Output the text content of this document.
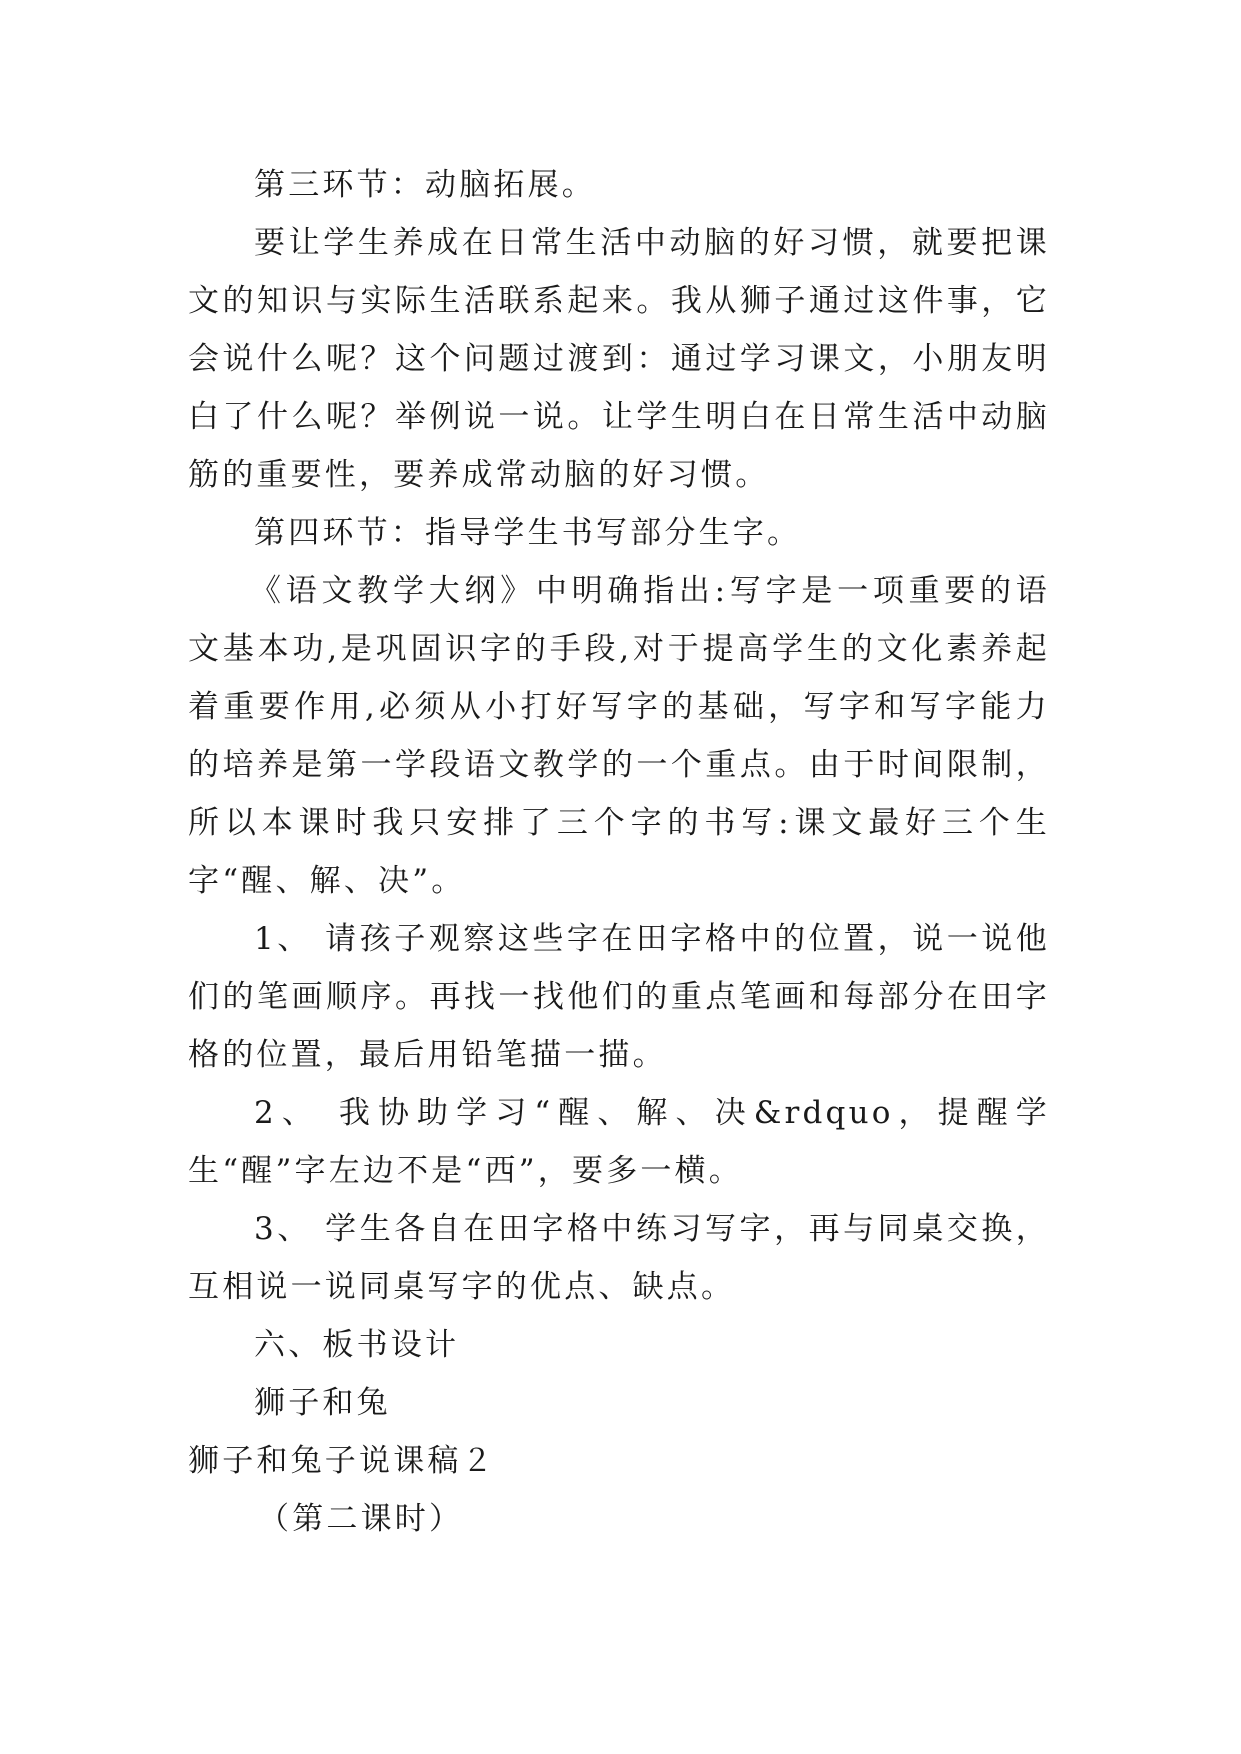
第三环节：动脑拓展。

要让学生养成在日常生活中动脑的好习惯，就要把课文的知识与实际生活联系起来。我从狮子通过这件事，它会说什么呢？这个问题过渡到：通过学习课文，小朋友明白了什么呢？举例说一说。让学生明白在日常生活中动脑筋的重要性，要养成常动脑的好习惯。

第四环节：指导学生书写部分生字。

《语文教学大纲》中明确指出:写字是一项重要的语文基本功,是巩固识字的手段,对于提高学生的文化素养起着重要作用,必须从小打好写字的基础，写字和写字能力的培养是第一学段语文教学的一个重点。由于时间限制，所以本课时我只安排了三个字的书写:课文最好三个生字“醒、解、决”。

1、 请孩子观察这些字在田字格中的位置，说一说他们的笔画顺序。再找一找他们的重点笔画和每部分在田字格的位置，最后用铅笔描一描。

2、 我协助学习“醒、解、决&rdquo，提醒学生“醒”字左边不是“西”，要多一横。

3、 学生各自在田字格中练习写字，再与同桌交换，互相说一说同桌写字的优点、缺点。

六、板书设计

狮子和兔

狮子和兔子说课稿２

（第二课时）
